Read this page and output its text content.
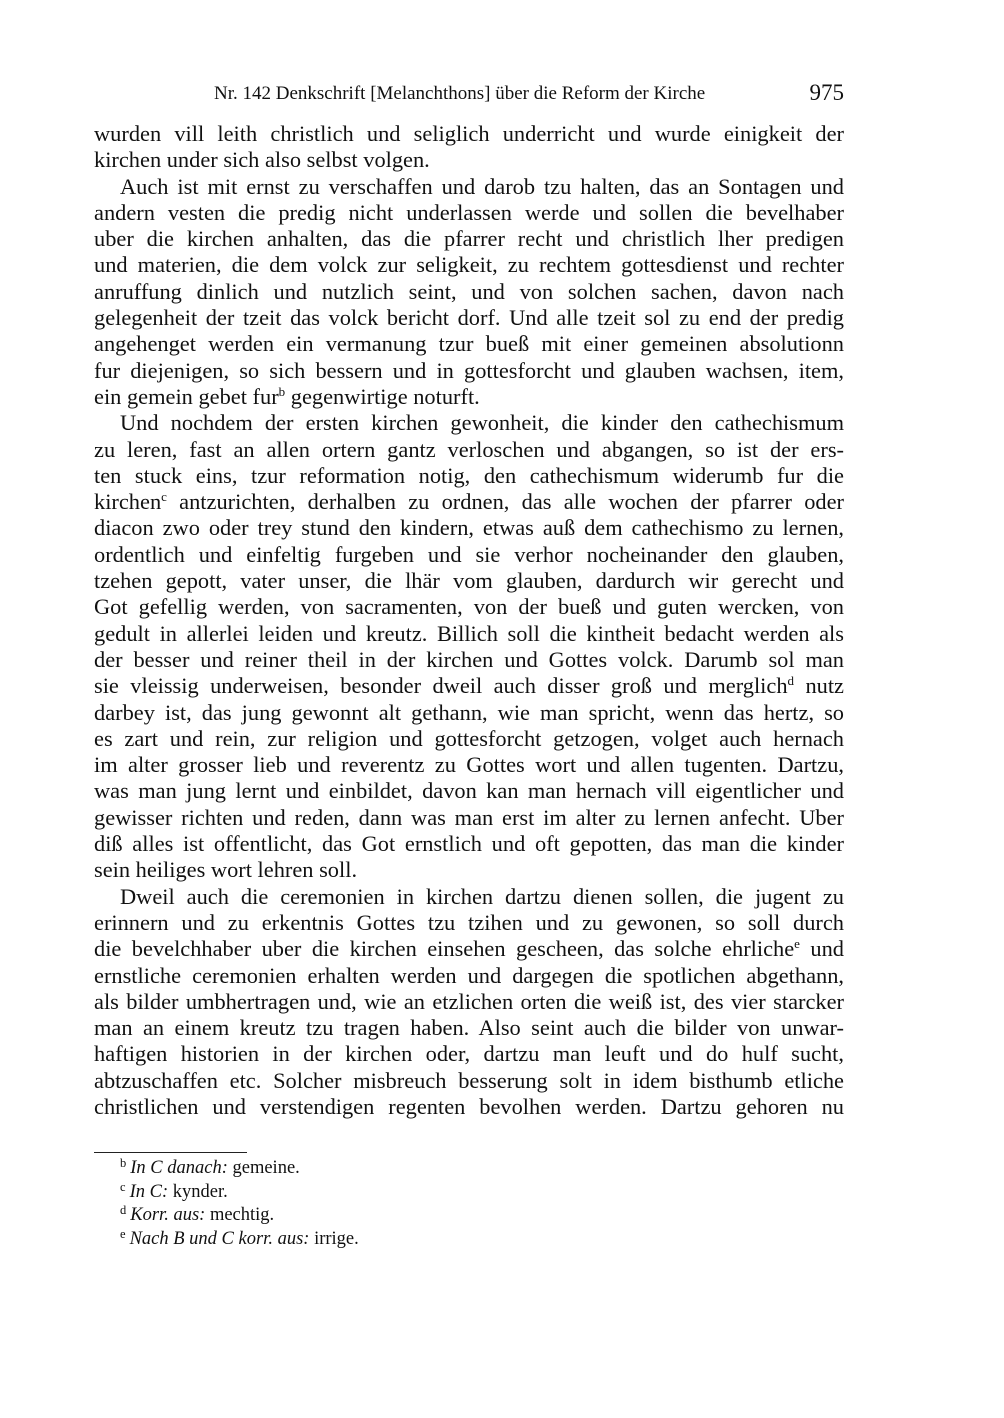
Nr. 142 Denkschrift [Melanchthons] über die Reform der Kirche	975
wurden vill leith christlich und seliglich underricht und wurde einigkeit der
kirchen under sich also selbst volgen.
Auch ist mit ernst zu verschaffen und darob tzu halten, das an Sontagen und
andern vesten die predig nicht underlassen werde und sollen die bevelhaber
uber die kirchen anhalten, das die pfarrer recht und christlich lher predigen
und materien, die dem volck zur seligkeit, zu rechtem gottesdienst und rechter
anruffung dinlich und nutzlich seint, und von solchen sachen, davon nach
gelegenheit der tzeit das volck bericht dorf. Und alle tzeit sol zu end der predig
angehenget werden ein vermanung tzur bueß mit einer gemeinen absolutionn
fur diejenigen, so sich bessern und in gottesforcht und glauben wachsen, item,
ein gemein gebet fur$^b$ gegenwirtige noturft.
Und nochdem der ersten kirchen gewonheit, die kinder den cathechismum
zu leren, fast an allen ortern gantz verloschen und abgangen, so ist der ers-
ten stuck eins, tzur reformation notig, den cathechismum widerumb fur die
kirchen$^c$ antzurichten, derhalben zu ordnen, das alle wochen der pfarrer oder
diacon zwo oder trey stund den kindern, etwas auß dem cathechismo zu lernen,
ordentlich und einfeltig furgeben und sie verhor nocheinander den glauben,
tzehen gepott, vater unser, die lhär vom glauben, dardurch wir gerecht und
Got gefellig werden, von sacramenten, von der bueß und guten wercken, von
gedult in allerlei leiden und kreutz. Billich soll die kintheit bedacht werden als
der besser und reiner theil in der kirchen und Gottes volck. Darumb sol man
sie vleissig underweisen, besonder dweil auch disser groß und merglich$^d$ nutz
darbey ist, das jung gewonnt alt gethann, wie man spricht, wenn das hertz, so
es zart und rein, zur religion und gottesforcht getzogen, volget auch hernach
im alter grosser lieb und reverentz zu Gottes wort und allen tugenten. Dartzu,
was man jung lernt und einbildet, davon kan man hernach vill eigentlicher und
gewisser richten und reden, dann was man erst im alter zu lernen anfecht. Uber
diß alles ist offentlicht, das Got ernstlich und oft gepotten, das man die kinder
sein heiliges wort lehren soll.
Dweil auch die ceremonien in kirchen dartzu dienen sollen, die jugent zu
erinnern und zu erkentnis Gottes tzu tzihen und zu gewonen, so soll durch
die bevelchhaber uber die kirchen einsehen gescheen, das solche ehrliche$^e$ und
ernstliche ceremonien erhalten werden und dargegen die spotlichen abgethann,
als bilder umbhertragen und, wie an etzlichen orten die weiß ist, des vier starcker
man an einem kreutz tzu tragen haben. Also seint auch die bilder von unwar-
haftigen historien in der kirchen oder, dartzu man leuft und do hulf sucht,
abtzuschaffen etc. Solcher misbreuch besserung solt in idem bisthumb etliche
christlichen und verstendigen regenten bevolhen werden. Dartzu gehoren nu
$^b$ In C danach: gemeine.
$^c$ In C: kynder.
$^d$ Korr. aus: mechtig.
$^e$ Nach B und C korr. aus: irrige.
